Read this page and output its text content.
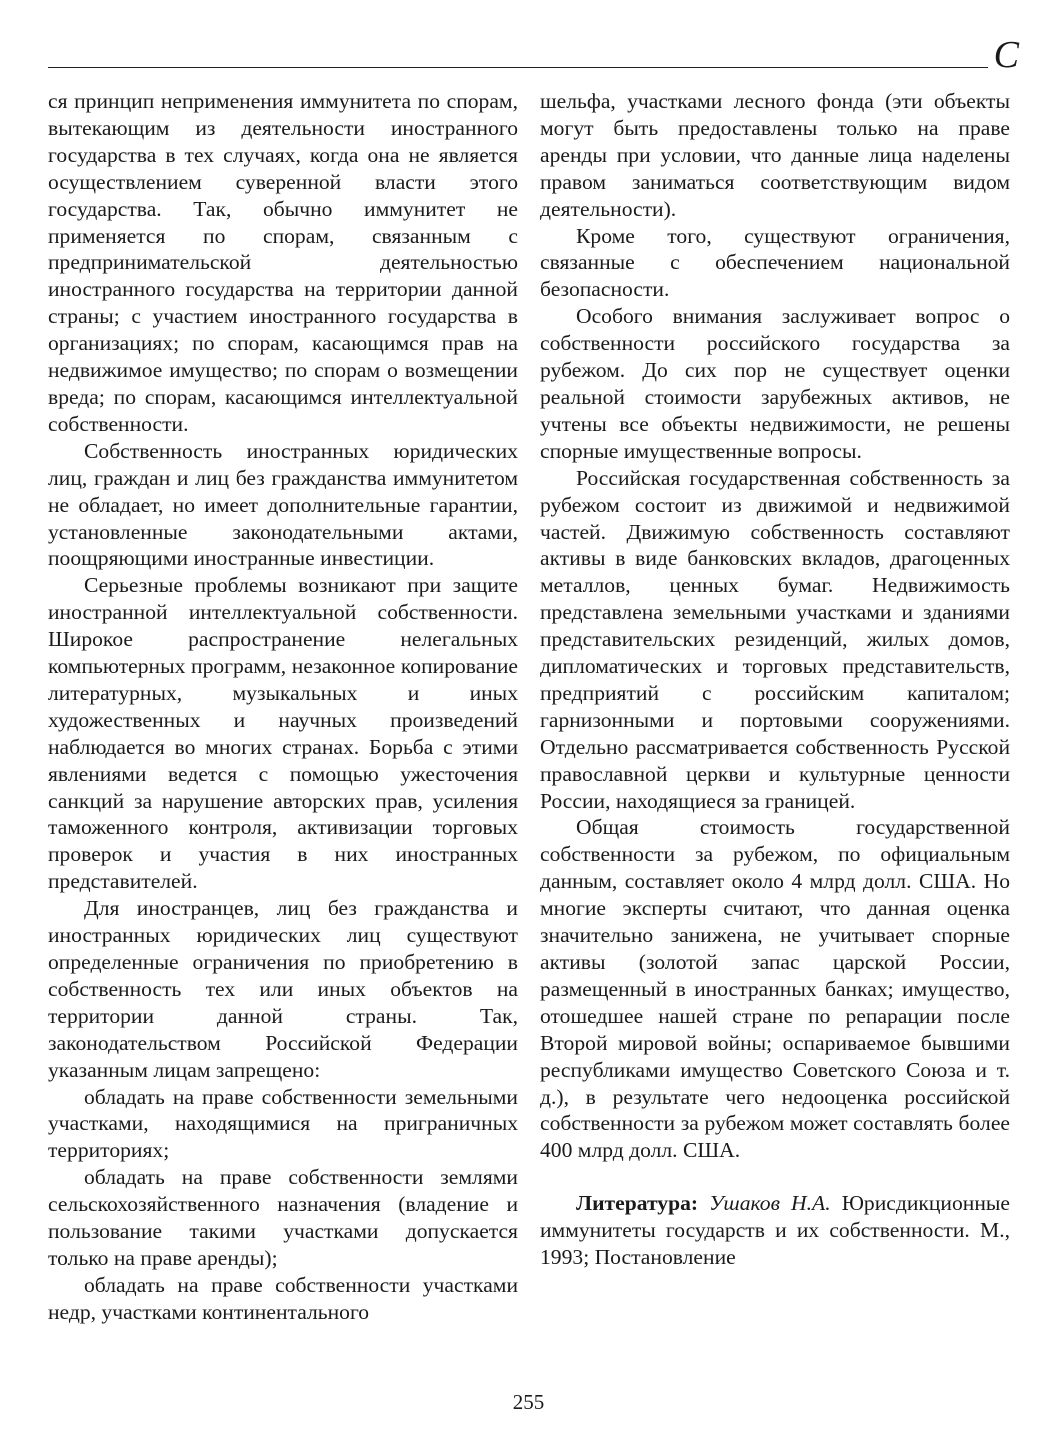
С

ся принцип неприменения иммунитета по спорам, вытекающим из деятельности иностранного государства в тех случаях, когда она не является осуществлением суверенной власти этого государства. Так, обычно иммунитет не применяется по спорам, связанным с предпринимательской деятельностью иностранного государства на территории данной страны; с участием иностранного государства в организациях; по спорам, касающимся прав на недвижимое имущество; по спорам о возмещении вреда; по спорам, касающимся интеллектуальной собственности.

Собственность иностранных юридических лиц, граждан и лиц без гражданства иммунитетом не обладает, но имеет дополнительные гарантии, установленные законодательными актами, поощряющими иностранные инвестиции.

Серьезные проблемы возникают при защите иностранной интеллектуальной собственности. Широкое распространение нелегальных компьютерных программ, незаконное копирование литературных, музыкальных и иных художественных и научных произведений наблюдается во многих странах. Борьба с этими явлениями ведется с помощью ужесточения санкций за нарушение авторских прав, усиления таможенного контроля, активизации торговых проверок и участия в них иностранных представителей.

Для иностранцев, лиц без гражданства и иностранных юридических лиц существуют определенные ограничения по приобретению в собственность тех или иных объектов на территории данной страны. Так, законодательством Российской Федерации указанным лицам запрещено:

обладать на праве собственности земельными участками, находящимися на приграничных территориях;

обладать на праве собственности землями сельскохозяйственного назначения (владение и пользование такими участками допускается только на праве аренды);

обладать на праве собственности участками недр, участками континентального

шельфа, участками лесного фонда (эти объекты могут быть предоставлены только на праве аренды при условии, что данные лица наделены правом заниматься соответствующим видом деятельности).

Кроме того, существуют ограничения, связанные с обеспечением национальной безопасности.

Особого внимания заслуживает вопрос о собственности российского государства за рубежом. До сих пор не существует оценки реальной стоимости зарубежных активов, не учтены все объекты недвижимости, не решены спорные имущественные вопросы.

Российская государственная собственность за рубежом состоит из движимой и недвижимой частей. Движимую собственность составляют активы в виде банковских вкладов, драгоценных металлов, ценных бумаг. Недвижимость представлена земельными участками и зданиями представительских резиденций, жилых домов, дипломатических и торговых представительств, предприятий с российским капиталом; гарнизонными и портовыми сооружениями. Отдельно рассматривается собственность Русской православной церкви и культурные ценности России, находящиеся за границей.

Общая стоимость государственной собственности за рубежом, по официальным данным, составляет около 4 млрд долл. США. Но многие эксперты считают, что данная оценка значительно занижена, не учитывает спорные активы (золотой запас царской России, размещенный в иностранных банках; имущество, отошедшее нашей стране по репарации после Второй мировой войны; оспариваемое бывшими республиками имущество Советского Союза и т. д.), в результате чего недооценка российской собственности за рубежом может составлять более 400 млрд долл. США.

Литература: Ушаков Н.А. Юрисдикционные иммунитеты государств и их собственности. М., 1993; Постановление

255
